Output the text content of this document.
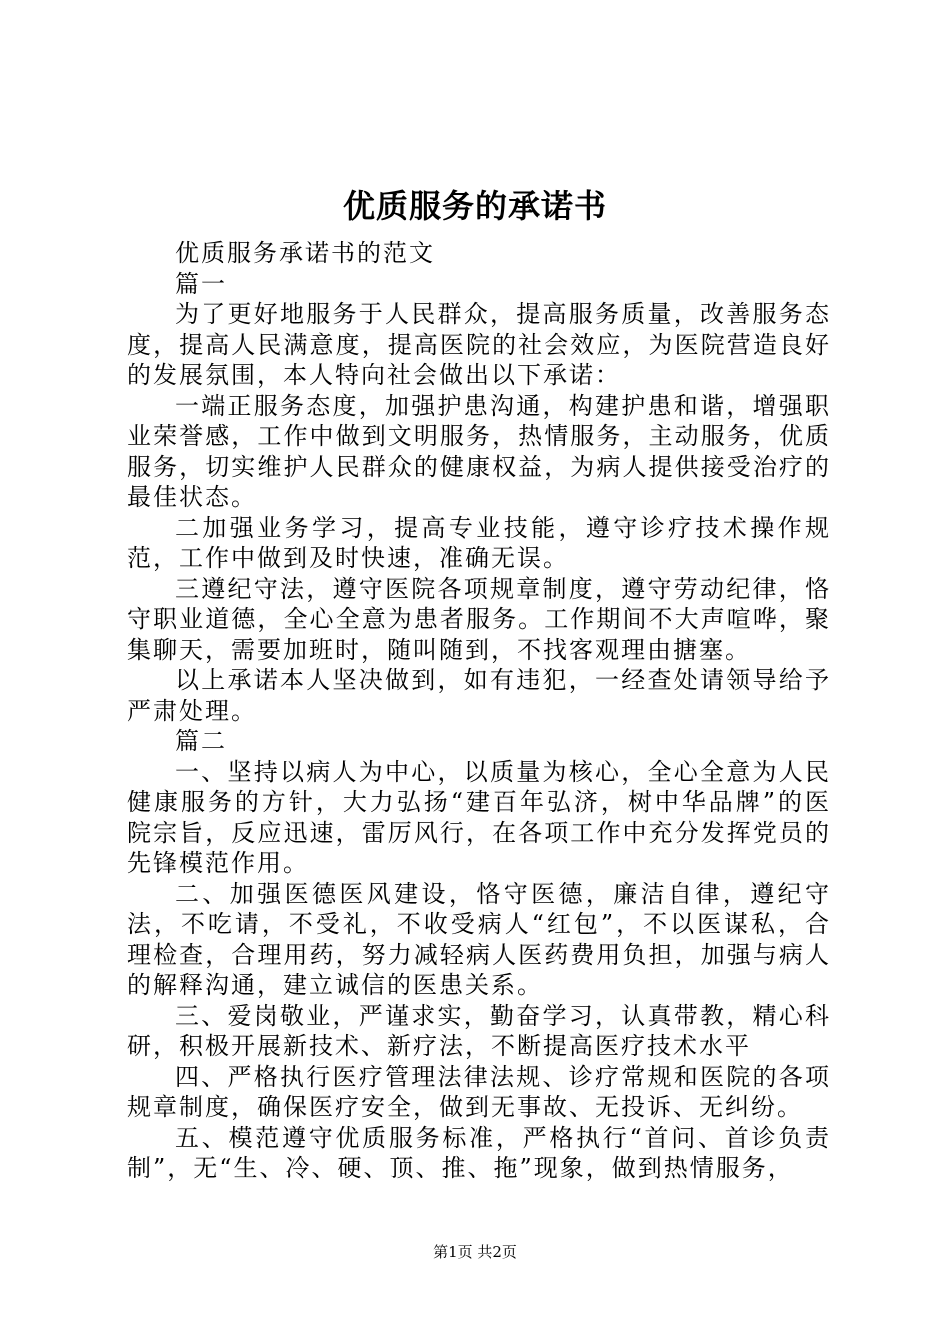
优质服务的承诺书

优质服务承诺书的范文

篇一

为了更好地服务于人民群众，提高服务质量，改善服务态度，提高人民满意度，提高医院的社会效应，为医院营造良好的发展氛围，本人特向社会做出以下承诺：

一端正服务态度，加强护患沟通，构建护患和谐，增强职业荣誉感，工作中做到文明服务，热情服务，主动服务，优质服务，切实维护人民群众的健康权益，为病人提供接受治疗的最佳状态。

二加强业务学习，提高专业技能，遵守诊疗技术操作规范，工作中做到及时快速，准确无误。

三遵纪守法，遵守医院各项规章制度，遵守劳动纪律，恪守职业道德，全心全意为患者服务。工作期间不大声喧哗，聚集聊天，需要加班时，随叫随到，不找客观理由搪塞。

以上承诺本人坚决做到，如有违犯，一经查处请领导给予严肃处理。

篇二

一、坚持以病人为中心，以质量为核心，全心全意为人民健康服务的方针，大力弘扬“建百年弘济，树中华品牌”的医院宗旨，反应迅速，雷厉风行，在各项工作中充分发挥党员的先锋模范作用。

二、加强医德医风建设，恪守医德，廉洁自律，遵纪守法，不吃请，不受礼，不收受病人“红包”，不以医谋私，合理检查，合理用药，努力减轻病人医药费用负担，加强与病人的解释沟通，建立诚信的医患关系。

三、爱岗敬业，严谨求实，勤奋学习，认真带教，精心科研，积极开展新技术、新疗法，不断提高医疗技术水平

四、严格执行医疗管理法律法规、诊疗常规和医院的各项规章制度，确保医疗安全，做到无事故、无投诉、无纠纷。

五、模范遵守优质服务标准，严格执行“首问、首诊负责制”，无“生、冷、硬、顶、推、拖”现象，做到热情服务，

第1页 共2页
